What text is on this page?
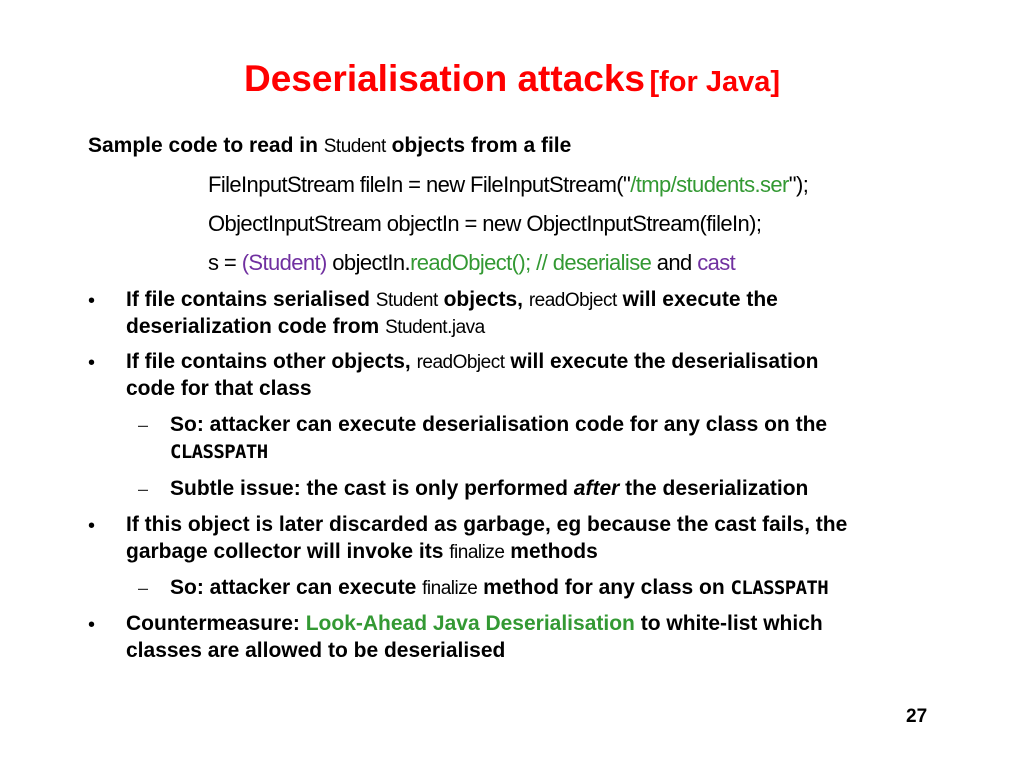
Deserialisation attacks [for Java]
Sample code to read in Student objects from a file
FileInputStream fileIn = new FileInputStream("/tmp/students.ser");
ObjectInputStream objectIn = new ObjectInputStream(fileIn);
s = (Student) objectIn.readObject(); // deserialise and cast
• If file contains serialised Student objects, readObject will execute the
deserialization code from Student.java
• If file contains other objects, readObject will execute the deserialisation
code for that class
– So: attacker can execute deserialisation code for any class on the
CLASSPATH
– Subtle issue: the cast is only performed after the deserialization
• If this object is later discarded as garbage, eg because the cast fails, the
garbage collector will invoke its finalize methods
– So: attacker can execute finalize method for any class on CLASSPATH
• Countermeasure: Look-Ahead Java Deserialisation to white-list which
classes are allowed to be deserialised
27
